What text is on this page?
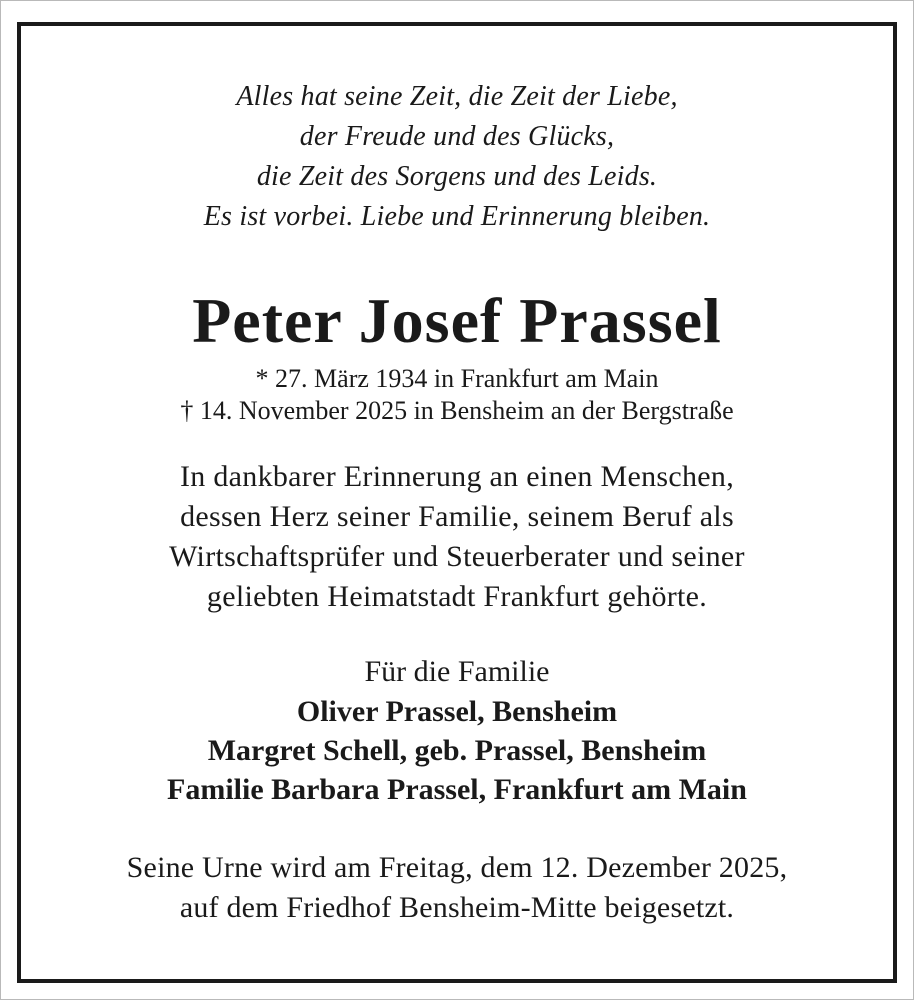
Alles hat seine Zeit, die Zeit der Liebe,
der Freude und des Glücks,
die Zeit des Sorgens und des Leids.
Es ist vorbei. Liebe und Erinnerung bleiben.

Peter Josef Prassel

* 27. März 1934 in Frankfurt am Main
† 14. November 2025 in Bensheim an der Bergstraße

In dankbarer Erinnerung an einen Menschen,
dessen Herz seiner Familie, seinem Beruf als
Wirtschaftsprüfer und Steuerberater und seiner
geliebten Heimatstadt Frankfurt gehörte.

Für die Familie

Oliver Prassel, Bensheim
Margret Schell, geb. Prassel, Bensheim
Familie Barbara Prassel, Frankfurt am Main

Seine Urne wird am Freitag, dem 12. Dezember 2025,
auf dem Friedhof Bensheim-Mitte beigesetzt.
